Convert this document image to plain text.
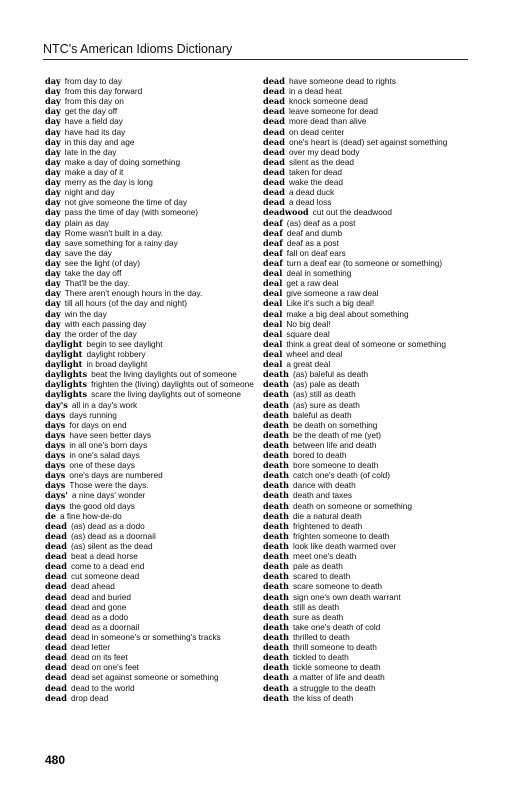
NTC's American Idioms Dictionary
day from day to day
day from this day forward
day from this day on
day get the day off
day have a field day
day have had its day
day in this day and age
day late in the day
day make a day of doing something
day make a day of it
day merry as the day is long
day night and day
day not give someone the time of day
day pass the time of day (with someone)
day plain as day
day Rome wasn't built in a day.
day save something for a rainy day
day save the day
day see the light (of day)
day take the day off
day That'll be the day.
day There aren't enough hours in the day.
day till all hours (of the day and night)
day win the day
day with each passing day
day the order of the day
daylight begin to see daylight
daylight daylight robbery
daylight in broad daylight
daylights beat the living daylights out of someone
daylights frighten the (living) daylights out of someone
daylights scare the living daylights out of someone
day's all in a day's work
days days running
days for days on end
days have seen better days
days in all one's born days
days in one's salad days
days one of these days
days one's days are numbered
days Those were the days.
days' a nine days' wonder
days the good old days
de a fine how-de-do
dead (as) dead as a dodo
dead (as) dead as a doornail
dead (as) silent as the dead
dead beat a dead horse
dead come to a dead end
dead cut someone dead
dead dead ahead
dead dead and buried
dead dead and gone
dead dead as a dodo
dead dead as a doornail
dead dead in someone's or something's tracks
dead dead letter
dead dead on its feet
dead dead on one's feet
dead dead set against someone or something
dead dead to the world
dead drop dead
dead have someone dead to rights
dead in a dead heat
dead knock someone dead
dead leave someone for dead
dead more dead than alive
dead on dead center
dead one's heart is (dead) set against something
dead over my dead body
dead silent as the dead
dead taken for dead
dead wake the dead
dead a dead duck
dead a dead loss
deadwood cut out the deadwood
deaf (as) deaf as a post
deaf deaf and dumb
deaf deaf as a post
deaf fall on deaf ears
deaf turn a deaf ear (to someone or something)
deal deal in something
deal get a raw deal
deal give someone a raw deal
deal Like it's such a big deal!
deal make a big deal about something
deal No big deal!
deal square deal
deal think a great deal of someone or something
deal wheel and deal
deal a great deal
death (as) baleful as death
death (as) pale as death
death (as) still as death
death (as) sure as death
death baleful as death
death be death on something
death be the death of me (yet)
death between life and death
death bored to death
death bore someone to death
death catch one's death (of cold)
death dance with death
death death and taxes
death death on someone or something
death die a natural death
death frightened to death
death frighten someone to death
death look like death warmed over
death meet one's death
death pale as death
death scared to death
death scare someone to death
death sign one's own death warrant
death still as death
death sure as death
death take one's death of cold
death thrilled to death
death thrill someone to death
death tickled to death
death tickle someone to death
death a matter of life and death
death a struggle to the death
death the kiss of death
480
